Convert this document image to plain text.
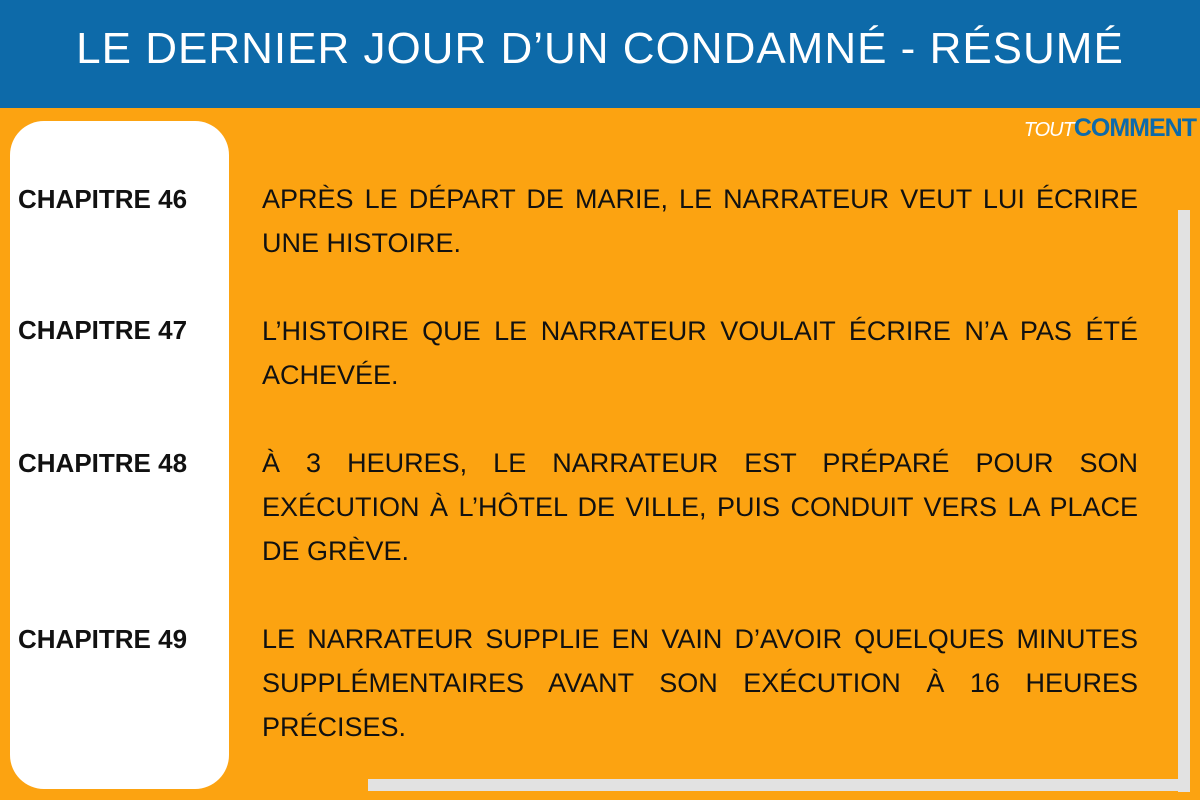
LE DERNIER JOUR D’UN CONDAMNÉ - RÉSUMÉ
TOUTCOMMENT
CHAPITRE 46	APRÈS LE DÉPART DE MARIE, LE NARRATEUR VEUT LUI ÉCRIRE UNE HISTOIRE.
CHAPITRE 47	L’HISTOIRE QUE LE NARRATEUR VOULAIT ÉCRIRE N’A PAS ÉTÉ ACHEVÉE.
CHAPITRE 48	À 3 HEURES, LE NARRATEUR EST PRÉPARÉ POUR SON EXÉCUTION À L’HÔTEL DE VILLE, PUIS CONDUIT VERS LA PLACE DE GRÈVE.
CHAPITRE 49	LE NARRATEUR SUPPLIE EN VAIN D’AVOIR QUELQUES MINUTES SUPPLÉMENTAIRES AVANT SON EXÉCUTION À 16 HEURES PRÉCISES.
